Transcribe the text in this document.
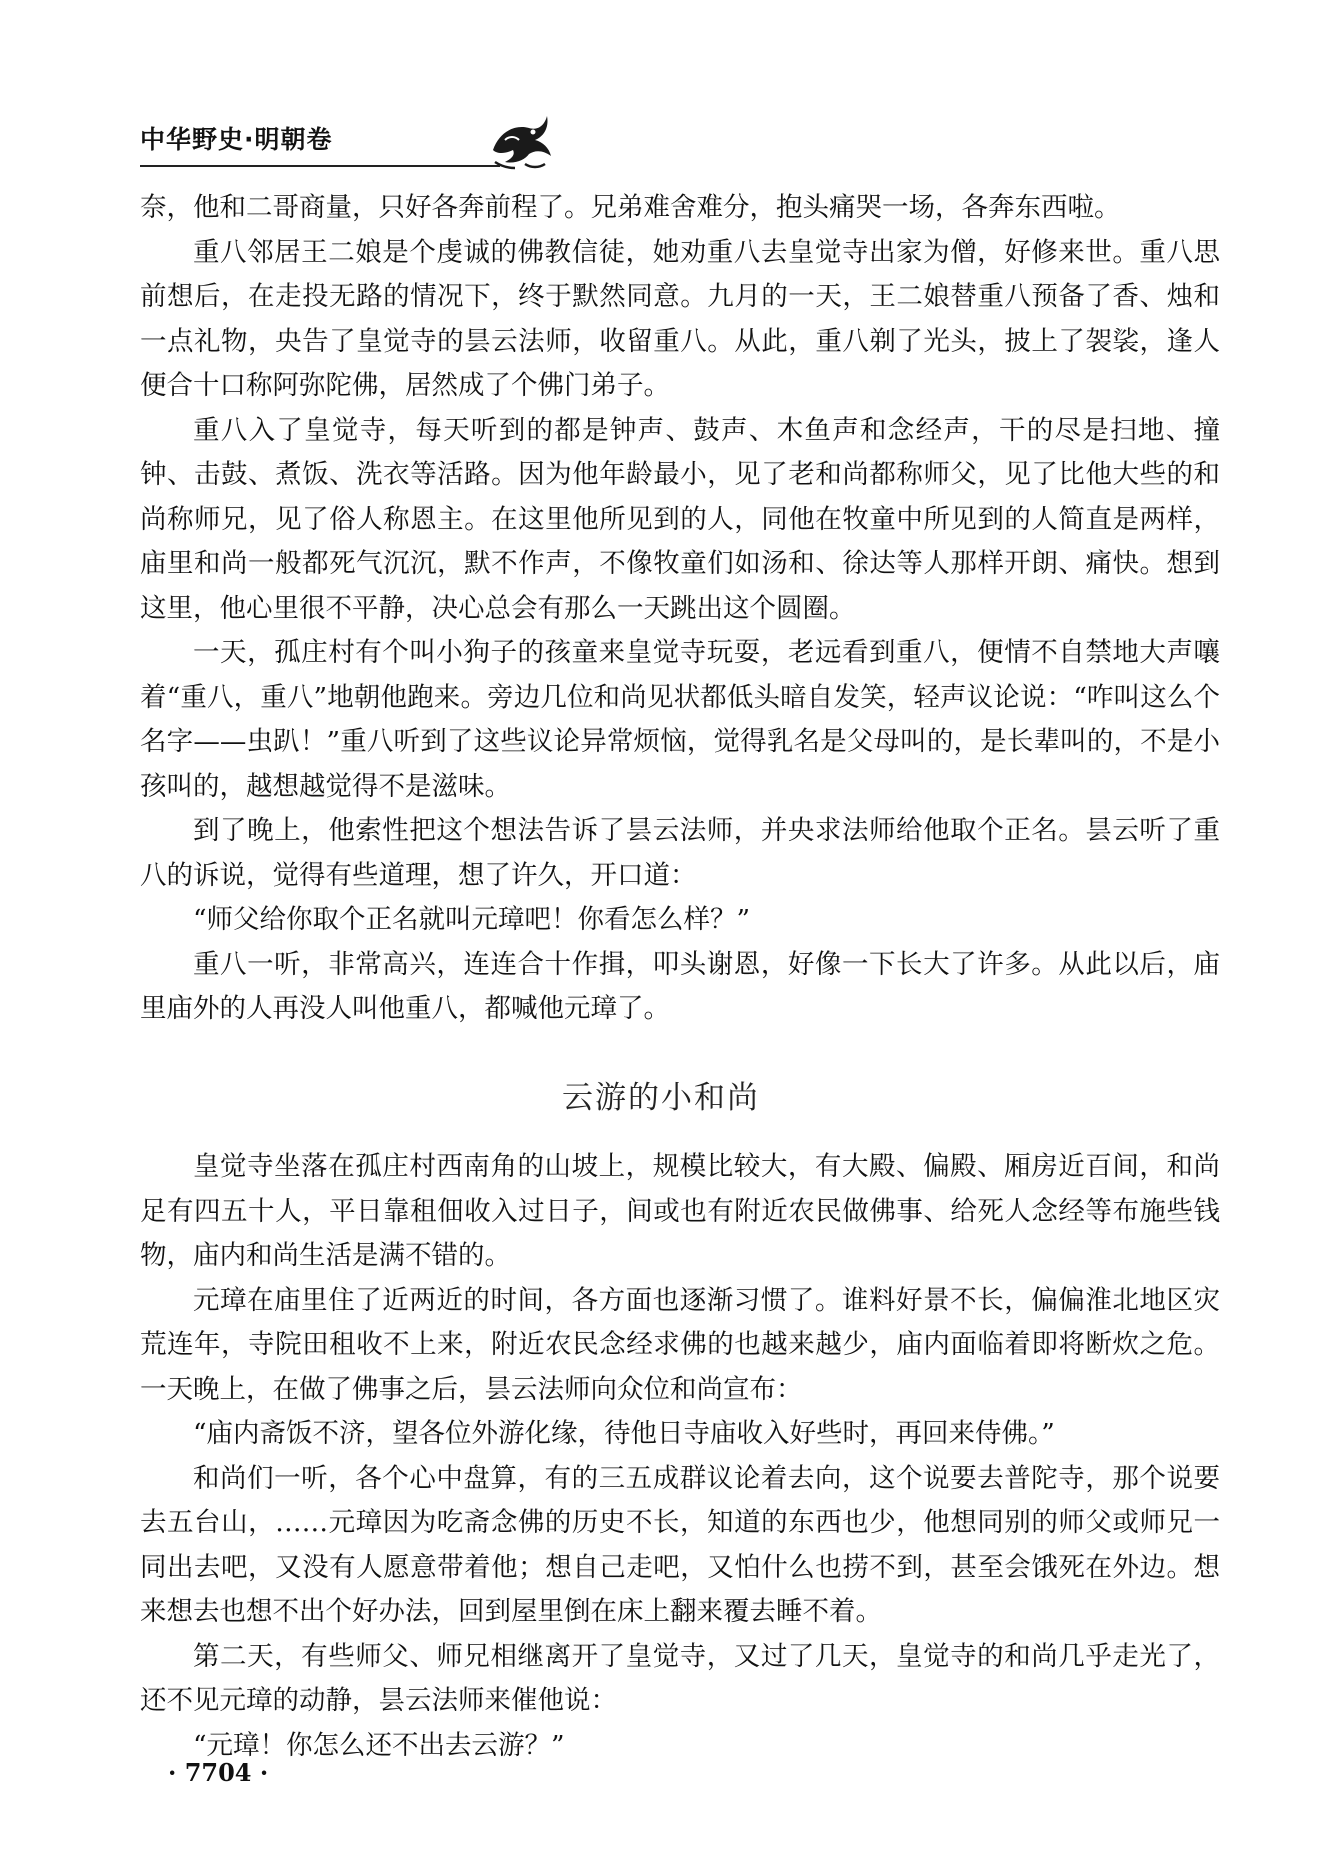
中华野史·明朝卷

奈，他和二哥商量，只好各奔前程了。兄弟难舍难分，抱头痛哭一场，各奔东西啦。

重八邻居王二娘是个虔诚的佛教信徒，她劝重八去皇觉寺出家为僧，好修来世。重八思前想后，在走投无路的情况下，终于默然同意。九月的一天，王二娘替重八预备了香、烛和一点礼物，央告了皇觉寺的昙云法师，收留重八。从此，重八剃了光头，披上了袈裟，逢人便合十口称阿弥陀佛，居然成了个佛门弟子。

重八入了皇觉寺，每天听到的都是钟声、鼓声、木鱼声和念经声，干的尽是扫地、撞钟、击鼓、煮饭、洗衣等活路。因为他年龄最小，见了老和尚都称师父，见了比他大些的和尚称师兄，见了俗人称恩主。在这里他所见到的人，同他在牧童中所见到的人简直是两样，庙里和尚一般都死气沉沉，默不作声，不像牧童们如汤和、徐达等人那样开朗、痛快。想到这里，他心里很不平静，决心总会有那么一天跳出这个圆圈。

一天，孤庄村有个叫小狗子的孩童来皇觉寺玩耍，老远看到重八，便情不自禁地大声嚷着“重八，重八”地朝他跑来。旁边几位和尚见状都低头暗自发笑，轻声议论说：“咋叫这么个名字——虫趴！”重八听到了这些议论异常烦恼，觉得乳名是父母叫的，是长辈叫的，不是小孩叫的，越想越觉得不是滋味。

到了晚上，他索性把这个想法告诉了昙云法师，并央求法师给他取个正名。昙云听了重八的诉说，觉得有些道理，想了许久，开口道：

“师父给你取个正名就叫元璋吧！你看怎么样？”

重八一听，非常高兴，连连合十作揖，叩头谢恩，好像一下长大了许多。从此以后，庙里庙外的人再没人叫他重八，都喊他元璋了。

云游的小和尚

皇觉寺坐落在孤庄村西南角的山坡上，规模比较大，有大殿、偏殿、厢房近百间，和尚足有四五十人，平日靠租佃收入过日子，间或也有附近农民做佛事、给死人念经等布施些钱物，庙内和尚生活是满不错的。

元璋在庙里住了近两近的时间，各方面也逐渐习惯了。谁料好景不长，偏偏淮北地区灾荒连年，寺院田租收不上来，附近农民念经求佛的也越来越少，庙内面临着即将断炊之危。一天晚上，在做了佛事之后，昙云法师向众位和尚宣布：

“庙内斋饭不济，望各位外游化缘，待他日寺庙收入好些时，再回来侍佛。”

和尚们一听，各个心中盘算，有的三五成群议论着去向，这个说要去普陀寺，那个说要去五台山，……元璋因为吃斋念佛的历史不长，知道的东西也少，他想同别的师父或师兄一同出去吧，又没有人愿意带着他；想自己走吧，又怕什么也捞不到，甚至会饿死在外边。想来想去也想不出个好办法，回到屋里倒在床上翻来覆去睡不着。

第二天，有些师父、师兄相继离开了皇觉寺，又过了几天，皇觉寺的和尚几乎走光了，还不见元璋的动静，昙云法师来催他说：

“元璋！你怎么还不出去云游？”

· 7704 ·
